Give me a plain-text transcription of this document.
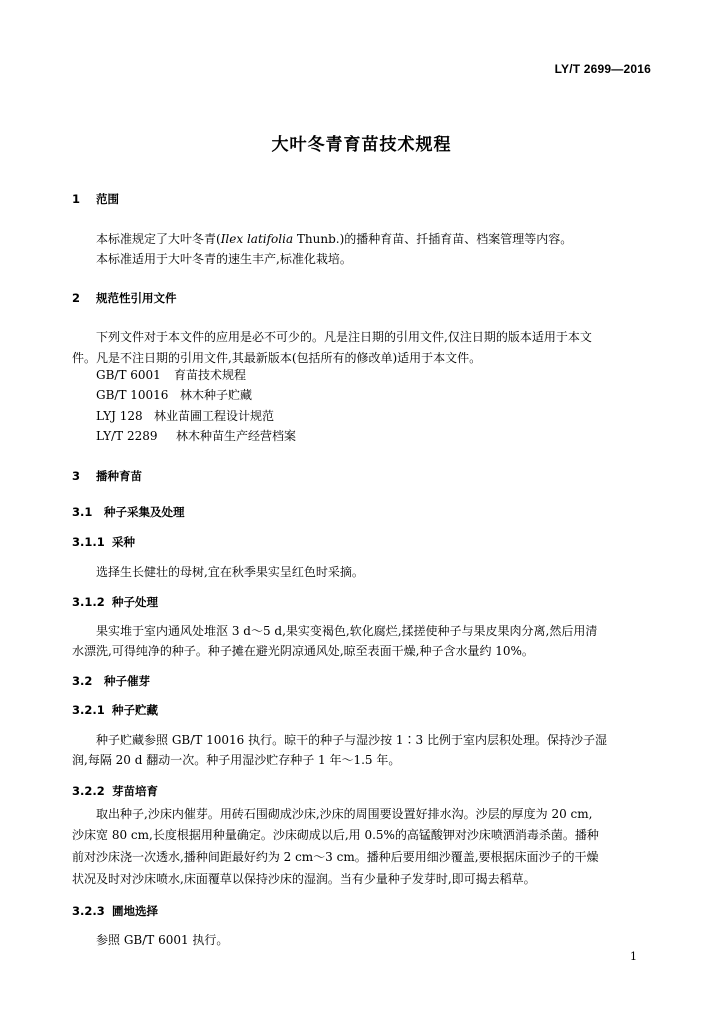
LY/T 2699—2016
大叶冬青育苗技术规程
1 范围
本标准规定了大叶冬青(Ilex latifolia Thunb.)的播种育苗、扦插育苗、档案管理等内容。
本标准适用于大叶冬青的速生丰产,标准化栽培。
2 规范性引用文件
下列文件对于本文件的应用是必不可少的。凡是注日期的引用文件,仅注日期的版本适用于本文
件。凡是不注日期的引用文件,其最新版本(包括所有的修改单)适用于本文件。
GB/T 6001 育苗技术规程
GB/T 10016 林木种子贮藏
LYJ 128 林业苗圃工程设计规范
LY/T 2289 林木种苗生产经营档案
3 播种育苗
3.1 种子采集及处理
3.1.1 采种
选择生长健壮的母树,宜在秋季果实呈红色时采摘。
3.1.2 种子处理
果实堆于室内通风处堆沤 3 d～5 d,果实变褐色,软化腐烂,揉搓使种子与果皮果肉分离,然后用清
水漂洗,可得纯净的种子。种子摊在避光阴凉通风处,晾至表面干燥,种子含水量约 10%。
3.2 种子催芽
3.2.1 种子贮藏
种子贮藏参照 GB/T 10016 执行。晾干的种子与湿沙按 1∶3 比例于室内层积处理。保持沙子湿
润,每隔 20 d 翻动一次。种子用湿沙贮存种子 1 年～1.5 年。
3.2.2 芽苗培育
取出种子,沙床内催芽。用砖石围砌成沙床,沙床的周围要设置好排水沟。沙层的厚度为 20 cm,
沙床宽 80 cm,长度根据用种量确定。沙床砌成以后,用 0.5%的高锰酸钾对沙床喷洒消毒杀菌。播种
前对沙床浇一次透水,播种间距最好约为 2 cm～3 cm。播种后要用细沙覆盖,要根据床面沙子的干燥
状况及时对沙床喷水,床面覆草以保持沙床的湿润。当有少量种子发芽时,即可揭去稻草。
3.2.3 圃地选择
参照 GB/T 6001 执行。
1
